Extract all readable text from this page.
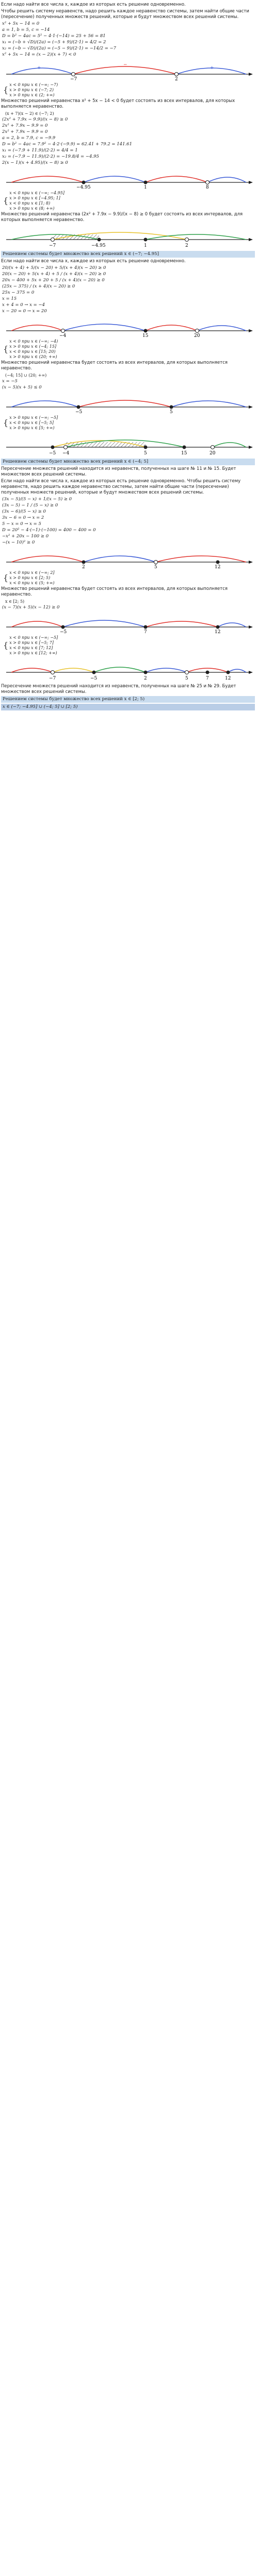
Если надо найти все числа x, каждое из которых есть решение одновременно.
Чтобы решить систему неравенств, надо решить каждое неравенство системы, затем найти общие части (пересечение) полученных множеств решений, которые и будут множеством всех решений системы.
x² + 5x − 14 = 0
a = 1, b = 5, c = −14
D = b² − 4ac = 5² − 4·1·(−14) = 25 + 56 = 81
x₁ = (−b + √D)/(2a) = (−5 + 9)/(2·1) = 4/2 = 2
x₂ = (−b − √D)/(2a) = (−5 − 9)/(2·1) = −14/2 = −7
x² + 5x − 14 = (x − 2)(x + 7) < 0
−7	2
+
−
+
{
x < 0 при x ∈ (−∞; −7)
x > 0 при x ∈ (−7; 2)
x > 0 при x ∈ (2; +∞)
Множество решений неравенства x² + 5x − 14 < 0 будет состоять из всех интервалов, для которых выполняется неравенство.
(x + 7)(x − 2) ∈ (−7; 2)
(2x² + 7.9x − 9.9)/(x − 8) ≥ 0
2x² + 7.9x − 9.9 = 0
2x² + 7.9x − 9.9 = 0
a = 2, b = 7.9, c = −9.9
D = b² − 4ac = 7.9² − 4·2·(−9.9) = 62.41 + 79.2 = 141.61
x₁ = (−7.9 + 11.9)/(2·2) = 4/4 = 1
x₂ = (−7.9 − 11.9)/(2·2) = −19.8/4 = −4.95
2(x − 1)(x + 4.95)/(x − 8) ≥ 0
−4.95	1	8
{
x < 0 при x ∈ (−∞; −4.95]
x > 0 при x ∈ [−4.95; 1]
x < 0 при x ∈ [1; 8)
x > 0 при x ∈ (8; +∞)
Множество решений неравенства (2x² + 7.9x − 9.9)/(x − 8) ≥ 0 будет состоять из всех интервалов, для которых выполняется неравенство.
−7	−4.95	1	2
Решением системы будет множество всех решений x ∈ (−7; −4.95]
Если надо найти все числа x, каждое из которых есть решение одновременно.
20/(x + 4) + 5/(x − 20) + 5/(x + 4)(x − 20) ≥ 0
20(x − 20) + 5(x + 4) + 5 / (x + 4)(x − 20) ≥ 0
20x − 400 + 5x + 20 + 5 / (x + 4)(x − 20) ≥ 0
(25x − 375) / (x + 4)(x − 20) ≥ 0
25x − 375 = 0
x = 15
x + 4 = 0 → x = −4
x − 20 = 0 → x = 20
−4	15	20
{
x < 0 при x ∈ (−∞; −4)
x > 0 при x ∈ (−4; 15]
x < 0 при x ∈ [15; 20)
x > 0 при x ∈ (20; +∞)
Множество решений неравенства будет состоять из всех интервалов, для которых выполняется неравенство.
(−4; 15] ∪ (20; +∞)
x = −5
(x − 5)(x + 5) ≤ 0
−5	5
{
x > 0 при x ∈ (−∞; −5]
x < 0 при x ∈ [−5; 5]
x > 0 при x ∈ [5; +∞)
−5 −4	5	15	20
Решением системы будет множество всех решений x ∈ (−4; 5]
Пересечение множеств решений находится из неравенств, полученных на шаге № 11 и № 15. Будет множеством всех решений системы.
Если надо найти все числа x, каждое из которых есть решение одновременно. Чтобы решить систему неравенств, надо решить каждое неравенство системы, затем найти общие части (пересечение) полученных множеств решений, которые и будут множеством всех решений системы.
(3x − 5)/(5 − x) + 1/(x − 5) ≥ 0
(3x − 5) − 1 / (5 − x) ≥ 0
(3x − 6)/(5 − x) ≥ 0
3x − 6 = 0 → x = 2
5 − x = 0 → x = 5
D = 20² − 4·(−1)·(−100) = 400 − 400 = 0
−x² + 20x − 100 ≥ 0
−(x − 10)² ≥ 0
2	5	12
{
x < 0 при x ∈ (−∞; 2]
x > 0 при x ∈ [2; 5)
x < 0 при x ∈ (5; +∞)
Множество решений неравенства будет состоять из всех интервалов, для которых выполняется неравенство.
x ∈ [2; 5)
(x − 7)(x + 5)(x − 12) ≥ 0
−5	7	12
{
x < 0 при x ∈ (−∞; −5]
x > 0 при x ∈ [−5; 7]
x < 0 при x ∈ [7; 12]
x > 0 при x ∈ [12; +∞)
−7	−5	2	5	7	12
Пересечение множеств решений находится из неравенств, полученных на шаге № 25 и № 29. Будет множеством всех решений системы.
Решением системы будет множество всех решений x ∈ [2; 5)
x ∈ (−7; −4.95] ∪ (−4; 5] ∪ [2; 5)
